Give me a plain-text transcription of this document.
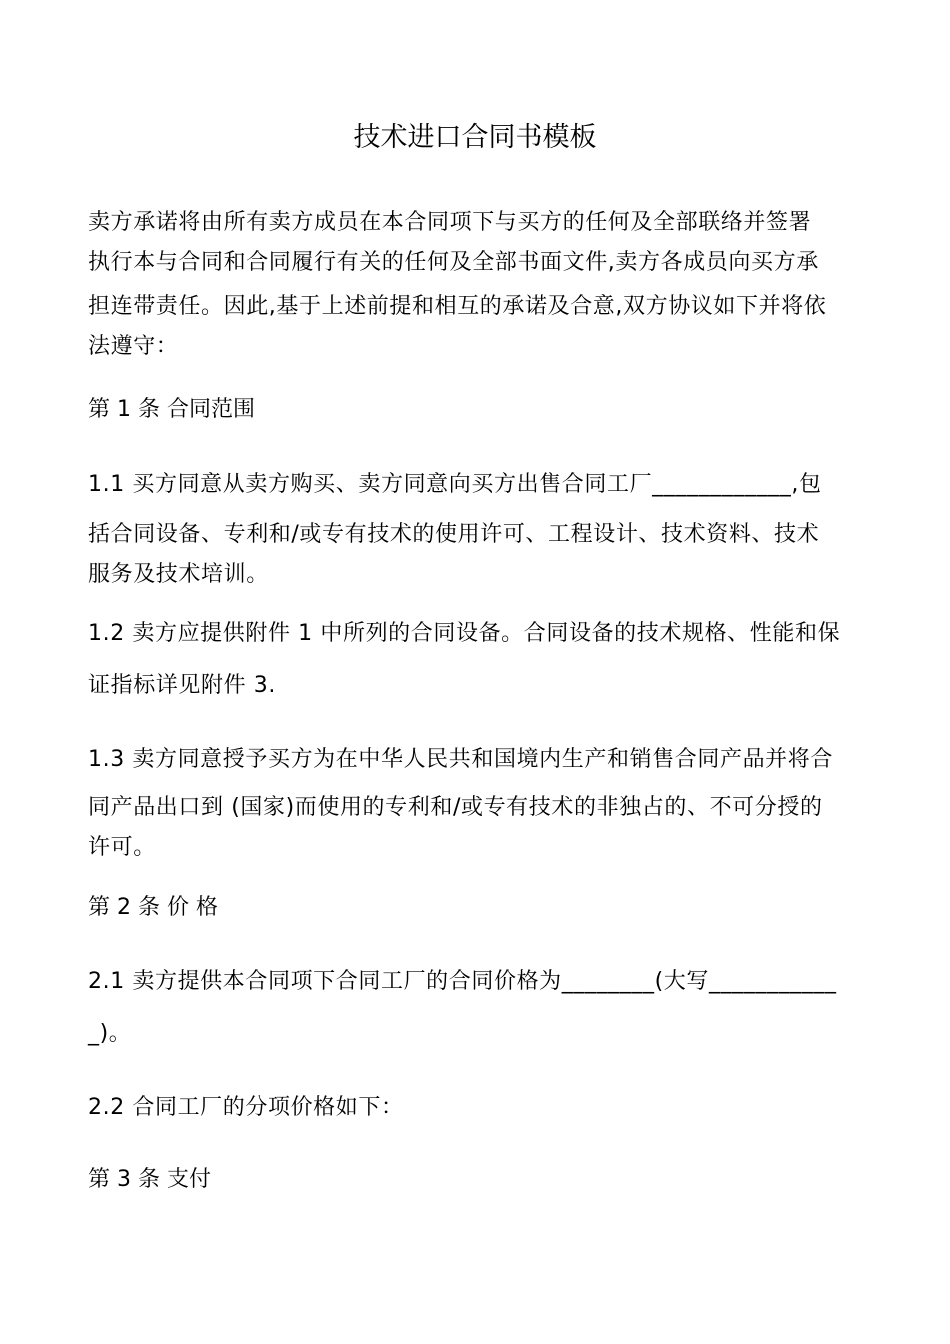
技术进口合同书模板
卖方承诺将由所有卖方成员在本合同项下与买方的任何及全部联络并签署
执行本与合同和合同履行有关的任何及全部书面文件,卖方各成员向买方承
担连带责任。因此,基于上述前提和相互的承诺及合意,双方协议如下并将依
法遵守：
第 1 条 合同范围
1.1 买方同意从卖方购买、卖方同意向买方出售合同工厂____________,包
括合同设备、专利和/或专有技术的使用许可、工程设计、技术资料、技术
服务及技术培训。
1.2 卖方应提供附件 1 中所列的合同设备。合同设备的技术规格、性能和保
证指标详见附件 3.
1.3 卖方同意授予买方为在中华人民共和国境内生产和销售合同产品并将合
同产品出口到 (国家)而使用的专利和/或专有技术的非独占的、不可分授的
许可。
第 2 条 价 格
2.1 卖方提供本合同项下合同工厂的合同价格为________(大写___________
_)。
2.2 合同工厂的分项价格如下：
第 3 条 支付
